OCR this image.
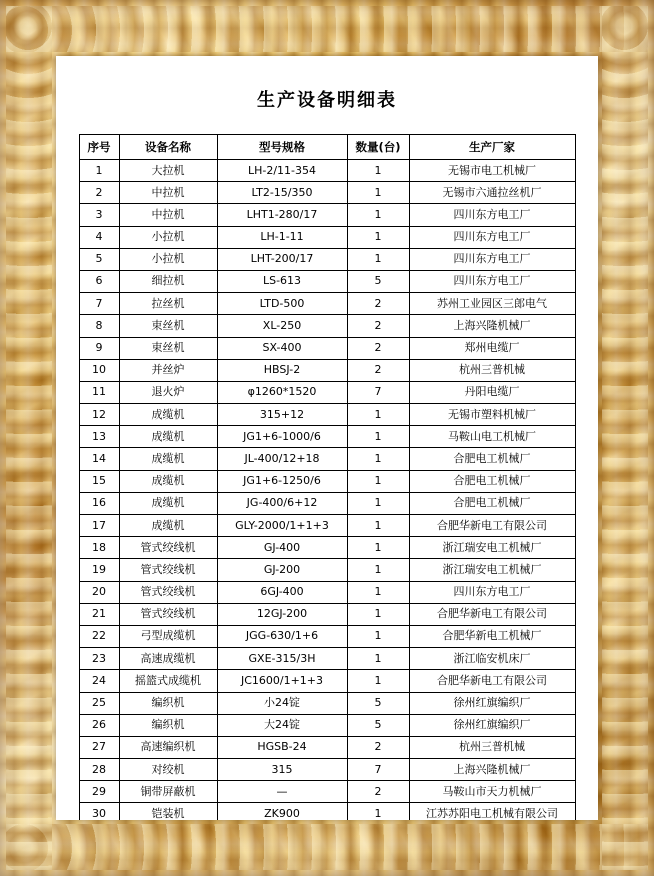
生产设备明细表
序号	设备名称	型号规格	数量(台)	生产厂家
1	大拉机	LH-2/11-354	1	无锡市电工机械厂
2	中拉机	LT2-15/350	1	无锡市六通拉丝机厂
3	中拉机	LHT1-280/17	1	四川东方电工厂
4	小拉机	LH-1-11	1	四川东方电工厂
5	小拉机	LHT-200/17	1	四川东方电工厂
6	细拉机	LS-613	5	四川东方电工厂
7	拉丝机	LTD-500	2	苏州工业园区三郎电气
8	束丝机	XL-250	2	上海兴隆机械厂
9	束丝机	SX-400	2	郑州电缆厂
10	并丝炉	HBSJ-2	2	杭州三普机械
11	退火炉	φ1260*1520	7	丹阳电缆厂
12	成缆机	315+12	1	无锡市塑料机械厂
13	成缆机	JG1+6-1000/6	1	马鞍山电工机械厂
14	成缆机	JL-400/12+18	1	合肥电工机械厂
15	成缆机	JG1+6-1250/6	1	合肥电工机械厂
16	成缆机	JG-400/6+12	1	合肥电工机械厂
17	成缆机	GLY-2000/1+1+3	1	合肥华新电工有限公司
18	管式绞线机	GJ-400	1	浙江瑞安电工机械厂
19	管式绞线机	GJ-200	1	浙江瑞安电工机械厂
20	管式绞线机	6GJ-400	1	四川东方电工厂
21	管式绞线机	12GJ-200	1	合肥华新电工有限公司
22	弓型成缆机	JGG-630/1+6	1	合肥华新电工机械厂
23	高速成缆机	GXE-315/3H	1	浙江临安机床厂
24	摇篮式成缆机	JC1600/1+1+3	1	合肥华新电工有限公司
25	编织机	小24锭	5	徐州红旗编织厂
26	编织机	大24锭	5	徐州红旗编织厂
27	高速编织机	HGSB-24	2	杭州三普机械
28	对绞机	315	7	上海兴隆机械厂
29	铜带屏蔽机	—	2	马鞍山市天力机械厂
30	铠装机	ZK900	1	江苏苏阳电工机械有限公司
